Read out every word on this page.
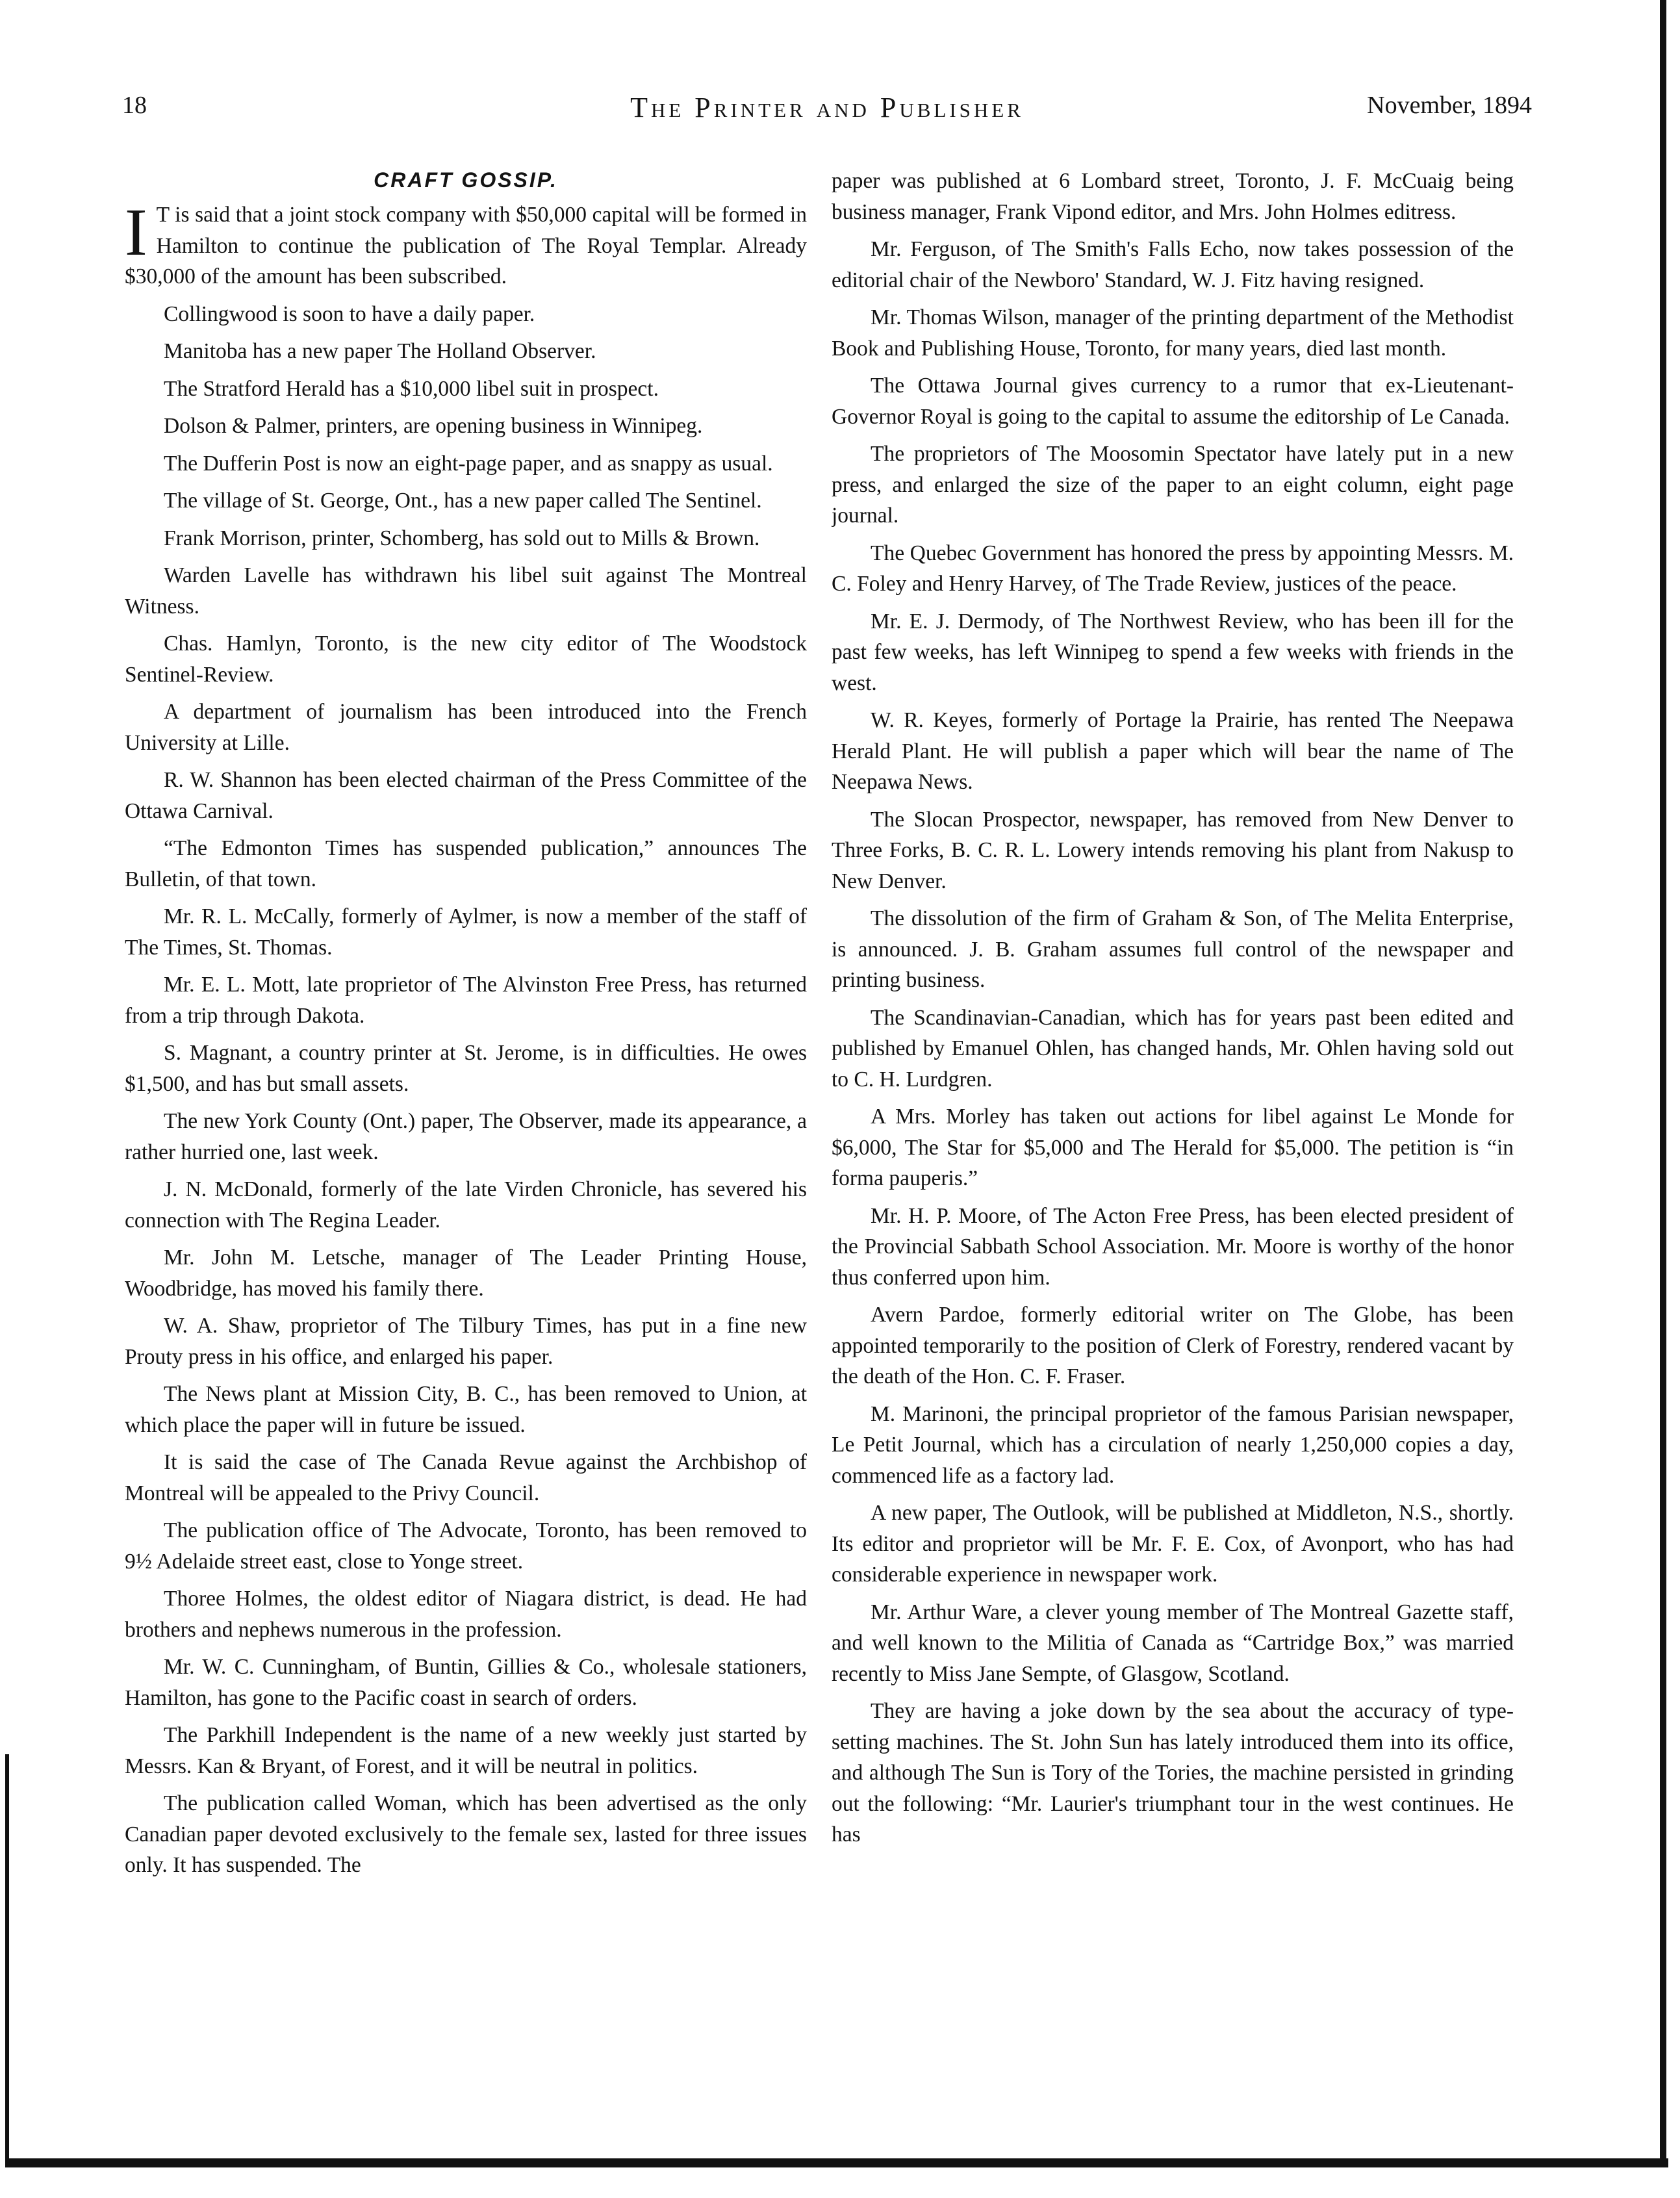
18	The Printer and Publisher	November, 1894
CRAFT GOSSIP.

I T is said that a joint stock company with $50,000 capital will be formed in Hamilton to continue the publication of The Royal Templar. Already $30,000 of the amount has been subscribed.

Collingwood is soon to have a daily paper.

Manitoba has a new paper The Holland Observer.

The Stratford Herald has a $10,000 libel suit in prospect.

Dolson & Palmer, printers, are opening business in Winnipeg.

The Dufferin Post is now an eight-page paper, and as snappy as usual.

The village of St. George, Ont., has a new paper called The Sentinel.

Frank Morrison, printer, Schomberg, has sold out to Mills & Brown.

Warden Lavelle has withdrawn his libel suit against The Montreal Witness.

Chas. Hamlyn, Toronto, is the new city editor of The Woodstock Sentinel-Review.

A department of journalism has been introduced into the French University at Lille.

R. W. Shannon has been elected chairman of the Press Committee of the Ottawa Carnival.

“The Edmonton Times has suspended publication,” announces The Bulletin, of that town.

Mr. R. L. McCally, formerly of Aylmer, is now a member of the staff of The Times, St. Thomas.

Mr. E. L. Mott, late proprietor of The Alvinston Free Press, has returned from a trip through Dakota.

S. Magnant, a country printer at St. Jerome, is in difficulties. He owes $1,500, and has but small assets.

The new York County (Ont.) paper, The Observer, made its appearance, a rather hurried one, last week.

J. N. McDonald, formerly of the late Virden Chronicle, has severed his connection with The Regina Leader.

Mr. John M. Letsche, manager of The Leader Printing House, Woodbridge, has moved his family there.

W. A. Shaw, proprietor of The Tilbury Times, has put in a fine new Prouty press in his office, and enlarged his paper.

The News plant at Mission City, B. C., has been removed to Union, at which place the paper will in future be issued.

It is said the case of The Canada Revue against the Archbishop of Montreal will be appealed to the Privy Council.

The publication office of The Advocate, Toronto, has been removed to 9½ Adelaide street east, close to Yonge street.

Thoree Holmes, the oldest editor of Niagara district, is dead. He had brothers and nephews numerous in the profession.

Mr. W. C. Cunningham, of Buntin, Gillies & Co., wholesale stationers, Hamilton, has gone to the Pacific coast in search of orders.

The Parkhill Independent is the name of a new weekly just started by Messrs. Kan & Bryant, of Forest, and it will be neutral in politics.

The publication called Woman, which has been advertised as the only Canadian paper devoted exclusively to the female sex, lasted for three issues only. It has suspended. The

paper was published at 6 Lombard street, Toronto, J. F. McCuaig being business manager, Frank Vipond editor, and Mrs. John Holmes editress.

Mr. Ferguson, of The Smith's Falls Echo, now takes possession of the editorial chair of the Newboro' Standard, W. J. Fitz having resigned.

Mr. Thomas Wilson, manager of the printing department of the Methodist Book and Publishing House, Toronto, for many years, died last month.

The Ottawa Journal gives currency to a rumor that ex-Lieutenant-Governor Royal is going to the capital to assume the editorship of Le Canada.

The proprietors of The Moosomin Spectator have lately put in a new press, and enlarged the size of the paper to an eight column, eight page journal.

The Quebec Government has honored the press by appointing Messrs. M. C. Foley and Henry Harvey, of The Trade Review, justices of the peace.

Mr. E. J. Dermody, of The Northwest Review, who has been ill for the past few weeks, has left Winnipeg to spend a few weeks with friends in the west.

W. R. Keyes, formerly of Portage la Prairie, has rented The Neepawa Herald Plant. He will publish a paper which will bear the name of The Neepawa News.

The Slocan Prospector, newspaper, has removed from New Denver to Three Forks, B. C. R. L. Lowery intends removing his plant from Nakusp to New Denver.

The dissolution of the firm of Graham & Son, of The Melita Enterprise, is announced. J. B. Graham assumes full control of the newspaper and printing business.

The Scandinavian-Canadian, which has for years past been edited and published by Emanuel Ohlen, has changed hands, Mr. Ohlen having sold out to C. H. Lurdgren.

A Mrs. Morley has taken out actions for libel against Le Monde for $6,000, The Star for $5,000 and The Herald for $5,000. The petition is “in forma pauperis.”

Mr. H. P. Moore, of The Acton Free Press, has been elected president of the Provincial Sabbath School Association. Mr. Moore is worthy of the honor thus conferred upon him.

Avern Pardoe, formerly editorial writer on The Globe, has been appointed temporarily to the position of Clerk of Forestry, rendered vacant by the death of the Hon. C. F. Fraser.

M. Marinoni, the principal proprietor of the famous Parisian newspaper, Le Petit Journal, which has a circulation of nearly 1,250,000 copies a day, commenced life as a factory lad.

A new paper, The Outlook, will be published at Middleton, N.S., shortly. Its editor and proprietor will be Mr. F. E. Cox, of Avonport, who has had considerable experience in newspaper work.

Mr. Arthur Ware, a clever young member of The Montreal Gazette staff, and well known to the Militia of Canada as “Cartridge Box,” was married recently to Miss Jane Sempte, of Glasgow, Scotland.

They are having a joke down by the sea about the accuracy of type-setting machines. The St. John Sun has lately introduced them into its office, and although The Sun is Tory of the Tories, the machine persisted in grinding out the following: “Mr. Laurier's triumphant tour in the west continues. He has
